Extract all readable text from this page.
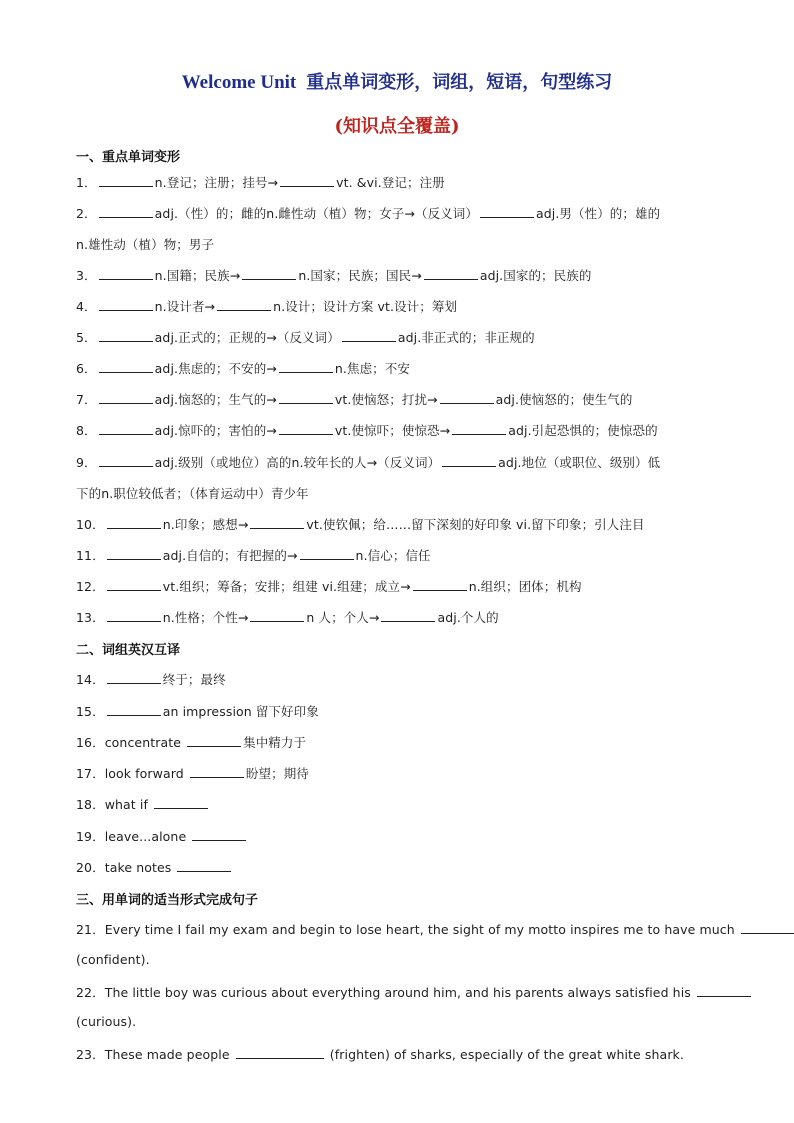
Welcome Unit 重点单词变形，词组，短语，句型练习
(知识点全覆盖)
一、重点单词变形
1．	n.登记；注册；挂号→	vt. &vi.登记；注册
2．	adj.（性）的；雌的n.雌性动（植）物；女子→（反义词）	adj.男（性）的；雄的
n.雄性动（植）物；男子
3．	n.国籍；民族→	n.国家；民族；国民→	adj.国家的；民族的
4．	n.设计者→	n.设计；设计方案 vt.设计；筹划
5．	adj.正式的；正规的→（反义词）	adj.非正式的；非正规的
6．	adj.焦虑的；不安的→	n.焦虑；不安
7．	adj.恼怒的；生气的→	vt.使恼怒；打扰→	adj.使恼怒的；使生气的
8．	adj.惊吓的；害怕的→	vt.使惊吓；使惊恐→	adj.引起恐惧的；使惊恐的
9．	adj.级别（或地位）高的n.较年长的人→（反义词）	adj.地位（或职位、级别）低
下的n.职位较低者；（体育运动中）青少年
10．	n.印象；感想→	vt.使钦佩；给……留下深刻的好印象 vi.留下印象；引人注目
11．	adj.自信的；有把握的→	n.信心；信任
12．	vt.组织；筹备；安排；组建 vi.组建；成立→	n.组织；团体；机构
13．	n.性格；个性→	n 人；个人→	adj.个人的
二、词组英汉互译
14．	终于；最终
15．	an impression 留下好印象
16．concentrate	集中精力于
17．look forward	盼望；期待
18．what if
19．leave...alone
20．take notes
三、用单词的适当形式完成句子
21．Every time I fail my exam and begin to lose heart, the sight of my motto inspires me to have much
(confident).
22．The little boy was curious about everything around him, and his parents always satisfied his
(curious).
23．These made people	(frighten) of sharks, especially of the great white shark.
